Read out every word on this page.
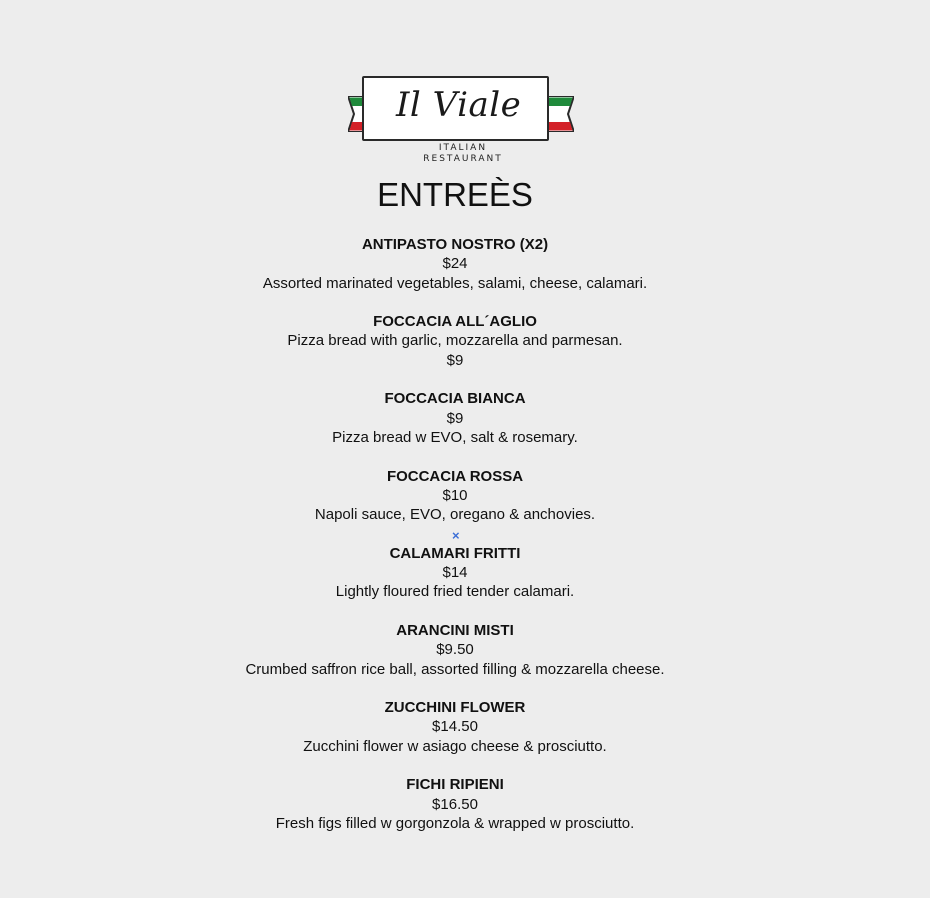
Il Viale
ITALIAN
RESTAURANT
ENTREÈS
ANTIPASTO NOSTRO (X2)
$24
Assorted marinated vegetables, salami, cheese, calamari.
FOCCACIA ALL´AGLIO
Pizza bread with garlic, mozzarella and parmesan.
$9
FOCCACIA BIANCA
$9
Pizza bread w EVO, salt & rosemary.
FOCCACIA ROSSA
$10
Napoli sauce, EVO, oregano & anchovies.
CALAMARI FRITTI
$14
Lightly floured fried tender calamari.
ARANCINI MISTI
$9.50
Crumbed saffron rice ball, assorted filling & mozzarella cheese.
ZUCCHINI FLOWER
$14.50
Zucchini flower w asiago cheese & prosciutto.
FICHI RIPIENI
$16.50
Fresh figs filled w gorgonzola & wrapped w prosciutto.
×
